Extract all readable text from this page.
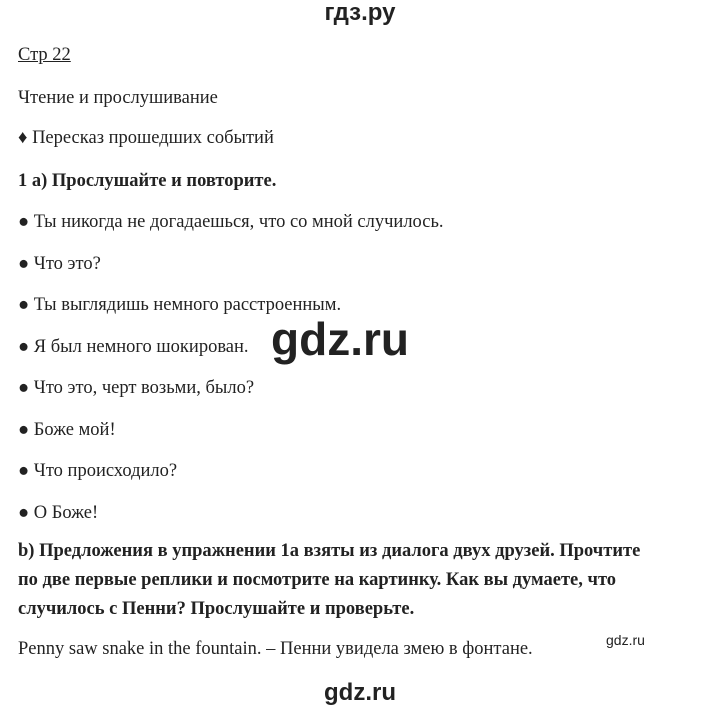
гдз.ру
Стр 22
Чтение и прослушивание
♦ Пересказ прошедших событий
1 a) Прослушайте и повторите.
● Ты никогда не догадаешься, что со мной случилось.
● Что это?
● Ты выглядишь немного расстроенным.
● Я был немного шокирован.
● Что это, черт возьми, было?
● Боже мой!
● Что происходило?
● О Боже!
b) Предложения в упражнении 1а взяты из диалога двух друзей. Прочтите по две первые реплики и посмотрите на картинку. Как вы думаете, что случилось с Пенни? Прослушайте и проверьте.
Penny saw snake in the fountain. – Пенни увидела змею в фонтане.
gdz.ru
gdz.ru
gdz.ru
